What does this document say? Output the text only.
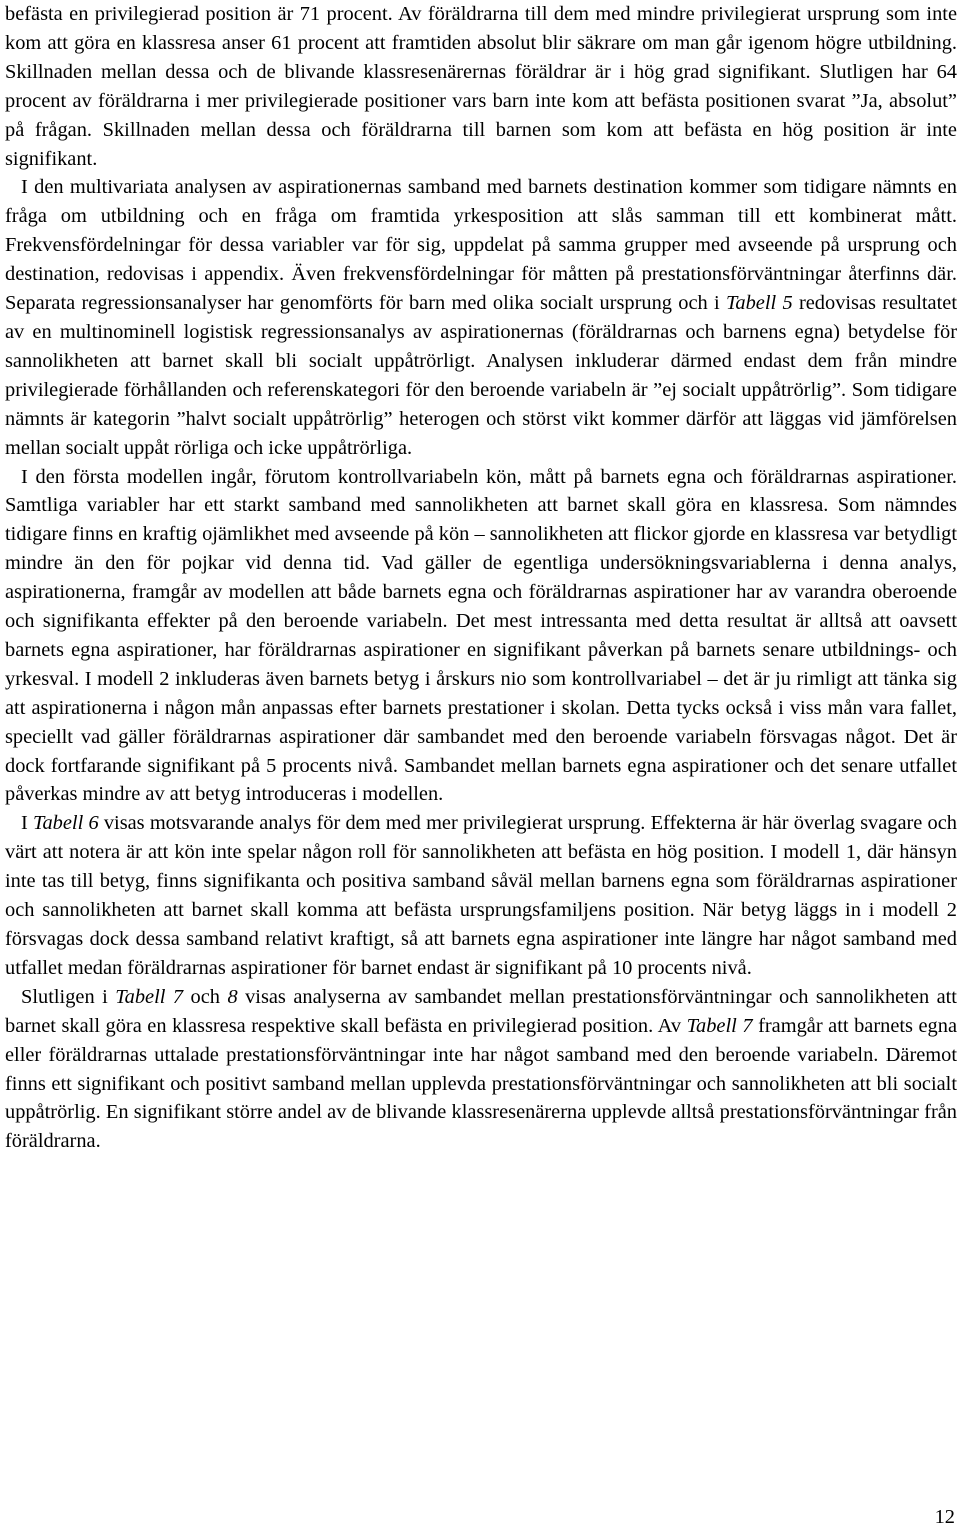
befästa en privilegierad position är 71 procent. Av föräldrarna till dem med mindre privilegierat ursprung som inte kom att göra en klassresa anser 61 procent att framtiden absolut blir säkrare om man går igenom högre utbildning. Skillnaden mellan dessa och de blivande klassresenärernas föräldrar är i hög grad signifikant. Slutligen har 64 procent av föräldrarna i mer privilegierade positioner vars barn inte kom att befästa positionen svarat ”Ja, absolut” på frågan. Skillnaden mellan dessa och föräldrarna till barnen som kom att befästa en hög position är inte signifikant.

I den multivariata analysen av aspirationernas samband med barnets destination kommer som tidigare nämnts en fråga om utbildning och en fråga om framtida yrkesposition att slås samman till ett kombinerat mått. Frekvensfördelningar för dessa variabler var för sig, uppdelat på samma grupper med avseende på ursprung och destination, redovisas i appendix. Även frekvensfördelningar för måtten på prestationsförväntningar återfinns där. Separata regressionsanalyser har genomförts för barn med olika socialt ursprung och i Tabell 5 redovisas resultatet av en multinominell logistisk regressionsanalys av aspirationernas (föräldrarnas och barnens egna) betydelse för sannolikheten att barnet skall bli socialt uppåtrörligt. Analysen inkluderar därmed endast dem från mindre privilegierade förhållanden och referenskategori för den beroende variabeln är ”ej socialt uppåtrörlig”. Som tidigare nämnts är kategorin ”halvt socialt uppåtrörlig” heterogen och störst vikt kommer därför att läggas vid jämförelsen mellan socialt uppåt rörliga och icke uppåtrörliga.

I den första modellen ingår, förutom kontrollvariabeln kön, mått på barnets egna och föräldrarnas aspirationer. Samtliga variabler har ett starkt samband med sannolikheten att barnet skall göra en klassresa. Som nämndes tidigare finns en kraftig ojämlikhet med avseende på kön – sannolikheten att flickor gjorde en klassresa var betydligt mindre än den för pojkar vid denna tid. Vad gäller de egentliga undersökningsvariablerna i denna analys, aspirationerna, framgår av modellen att både barnets egna och föräldrarnas aspirationer har av varandra oberoende och signifikanta effekter på den beroende variabeln. Det mest intressanta med detta resultat är alltså att oavsett barnets egna aspirationer, har föräldrarnas aspirationer en signifikant påverkan på barnets senare utbildnings- och yrkesval. I modell 2 inkluderas även barnets betyg i årskurs nio som kontrollvariabel – det är ju rimligt att tänka sig att aspirationerna i någon mån anpassas efter barnets prestationer i skolan. Detta tycks också i viss mån vara fallet, speciellt vad gäller föräldrarnas aspirationer där sambandet med den beroende variabeln försvagas något. Det är dock fortfarande signifikant på 5 procents nivå. Sambandet mellan barnets egna aspirationer och det senare utfallet påverkas mindre av att betyg introduceras i modellen.

I Tabell 6 visas motsvarande analys för dem med mer privilegierat ursprung. Effekterna är här överlag svagare och värt att notera är att kön inte spelar någon roll för sannolikheten att befästa en hög position. I modell 1, där hänsyn inte tas till betyg, finns signifikanta och positiva samband såväl mellan barnens egna som föräldrarnas aspirationer och sannolikheten att barnet skall komma att befästa ursprungsfamiljens position. När betyg läggs in i modell 2 försvagas dock dessa samband relativt kraftigt, så att barnets egna aspirationer inte längre har något samband med utfallet medan föräldrarnas aspirationer för barnet endast är signifikant på 10 procents nivå.

Slutligen i Tabell 7 och 8 visas analyserna av sambandet mellan prestationsförväntningar och sannolikheten att barnet skall göra en klassresa respektive skall befästa en privilegierad position. Av Tabell 7 framgår att barnets egna eller föräldrarnas uttalade prestationsförväntningar inte har något samband med den beroende variabeln. Däremot finns ett signifikant och positivt samband mellan upplevda prestationsförväntningar och sannolikheten att bli socialt uppåtrörlig. En signifikant större andel av de blivande klassresenärerna upplevde alltså prestationsförväntningar från föräldrarna.

12
